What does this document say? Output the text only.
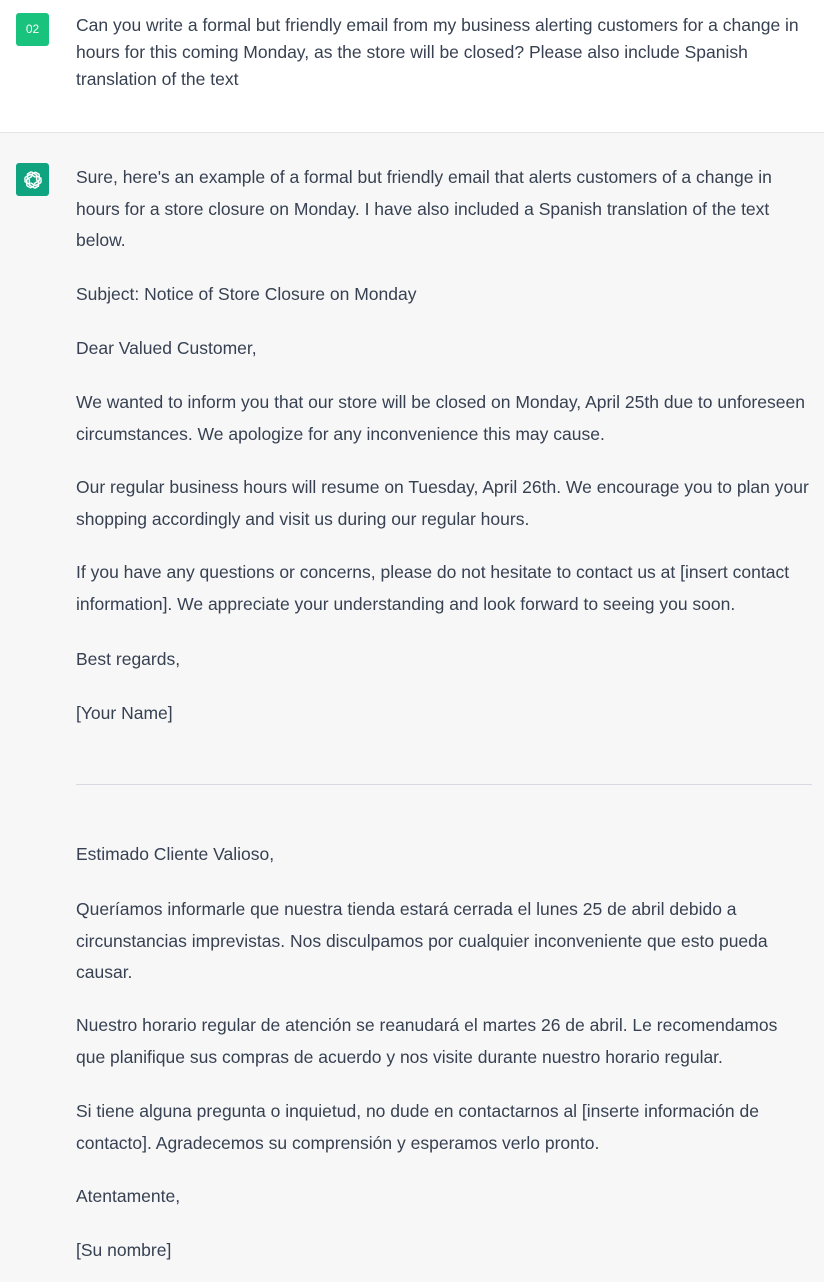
02	Can you write a formal but friendly email from my business alerting customers for a change in hours for this coming Monday, as the store will be closed? Please also include Spanish translation of the text

Sure, here's an example of a formal but friendly email that alerts customers of a change in hours for a store closure on Monday. I have also included a Spanish translation of the text below.

Subject: Notice of Store Closure on Monday

Dear Valued Customer,

We wanted to inform you that our store will be closed on Monday, April 25th due to unforeseen circumstances. We apologize for any inconvenience this may cause.

Our regular business hours will resume on Tuesday, April 26th. We encourage you to plan your shopping accordingly and visit us during our regular hours.

If you have any questions or concerns, please do not hesitate to contact us at [insert contact information]. We appreciate your understanding and look forward to seeing you soon.

Best regards,

[Your Name]

Estimado Cliente Valioso,

Queríamos informarle que nuestra tienda estará cerrada el lunes 25 de abril debido a circunstancias imprevistas. Nos disculpamos por cualquier inconveniente que esto pueda causar.

Nuestro horario regular de atención se reanudará el martes 26 de abril. Le recomendamos que planifique sus compras de acuerdo y nos visite durante nuestro horario regular.

Si tiene alguna pregunta o inquietud, no dude en contactarnos al [inserte información de contacto]. Agradecemos su comprensión y esperamos verlo pronto.

Atentamente,

[Su nombre]
